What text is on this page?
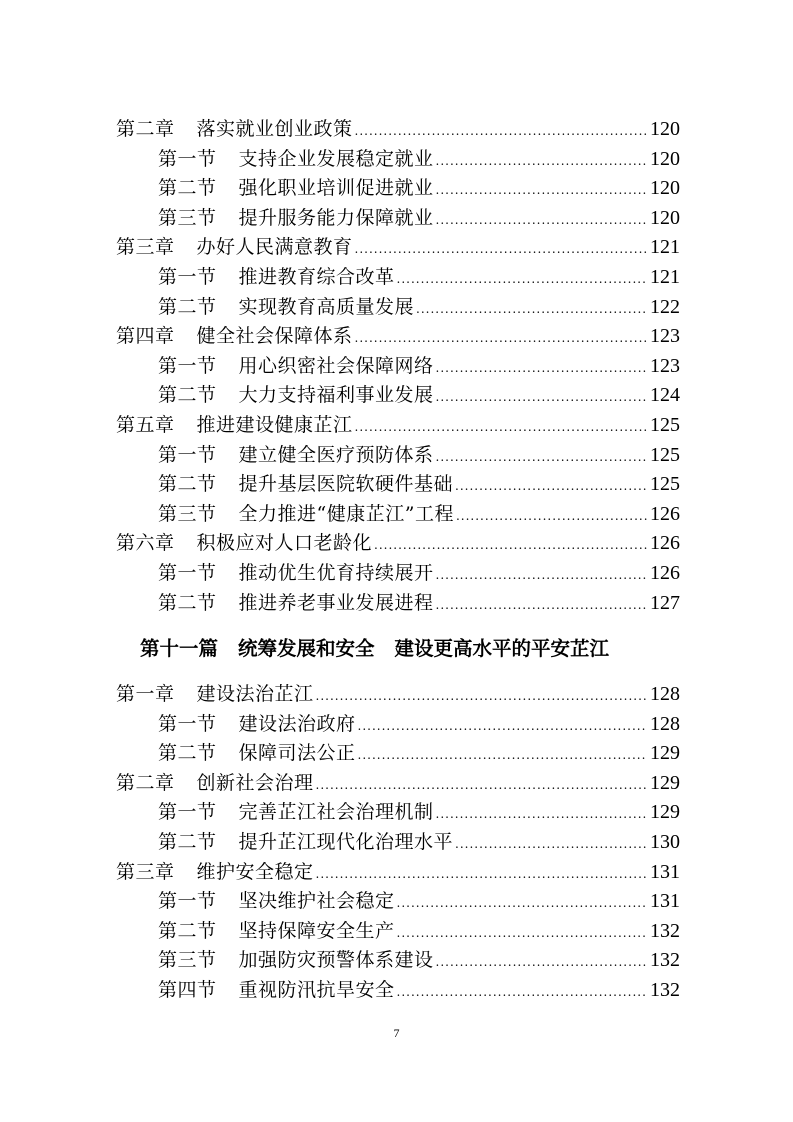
第二章 落实就业创业政策 .....	120
第一节 支持企业发展稳定就业 .....	120
第二节 强化职业培训促进就业 .....	120
第三节 提升服务能力保障就业 .....	120
第三章 办好人民满意教育 .....	121
第一节 推进教育综合改革 .....	121
第二节 实现教育高质量发展 .....	122
第四章 健全社会保障体系 .....	123
第一节 用心织密社会保障网络 .....	123
第二节 大力支持福利事业发展 .....	124
第五章 推进建设健康芷江 .....	125
第一节 建立健全医疗预防体系 .....	125
第二节 提升基层医院软硬件基础 .....	125
第三节 全力推进“健康芷江”工程 .....	126
第六章 积极应对人口老龄化 .....	126
第一节 推动优生优育持续展开 .....	126
第二节 推进养老事业发展进程 .....	127
第十一篇 统筹发展和安全 建设更高水平的平安芷江
第一章 建设法治芷江 .....	128
第一节 建设法治政府 .....	128
第二节 保障司法公正 .....	129
第二章 创新社会治理 .....	129
第一节 完善芷江社会治理机制 .....	129
第二节 提升芷江现代化治理水平 .....	130
第三章 维护安全稳定 .....	131
第一节 坚决维护社会稳定 .....	131
第二节 坚持保障安全生产 .....	132
第三节 加强防灾预警体系建设 .....	132
第四节 重视防汛抗旱安全 .....	132
7
